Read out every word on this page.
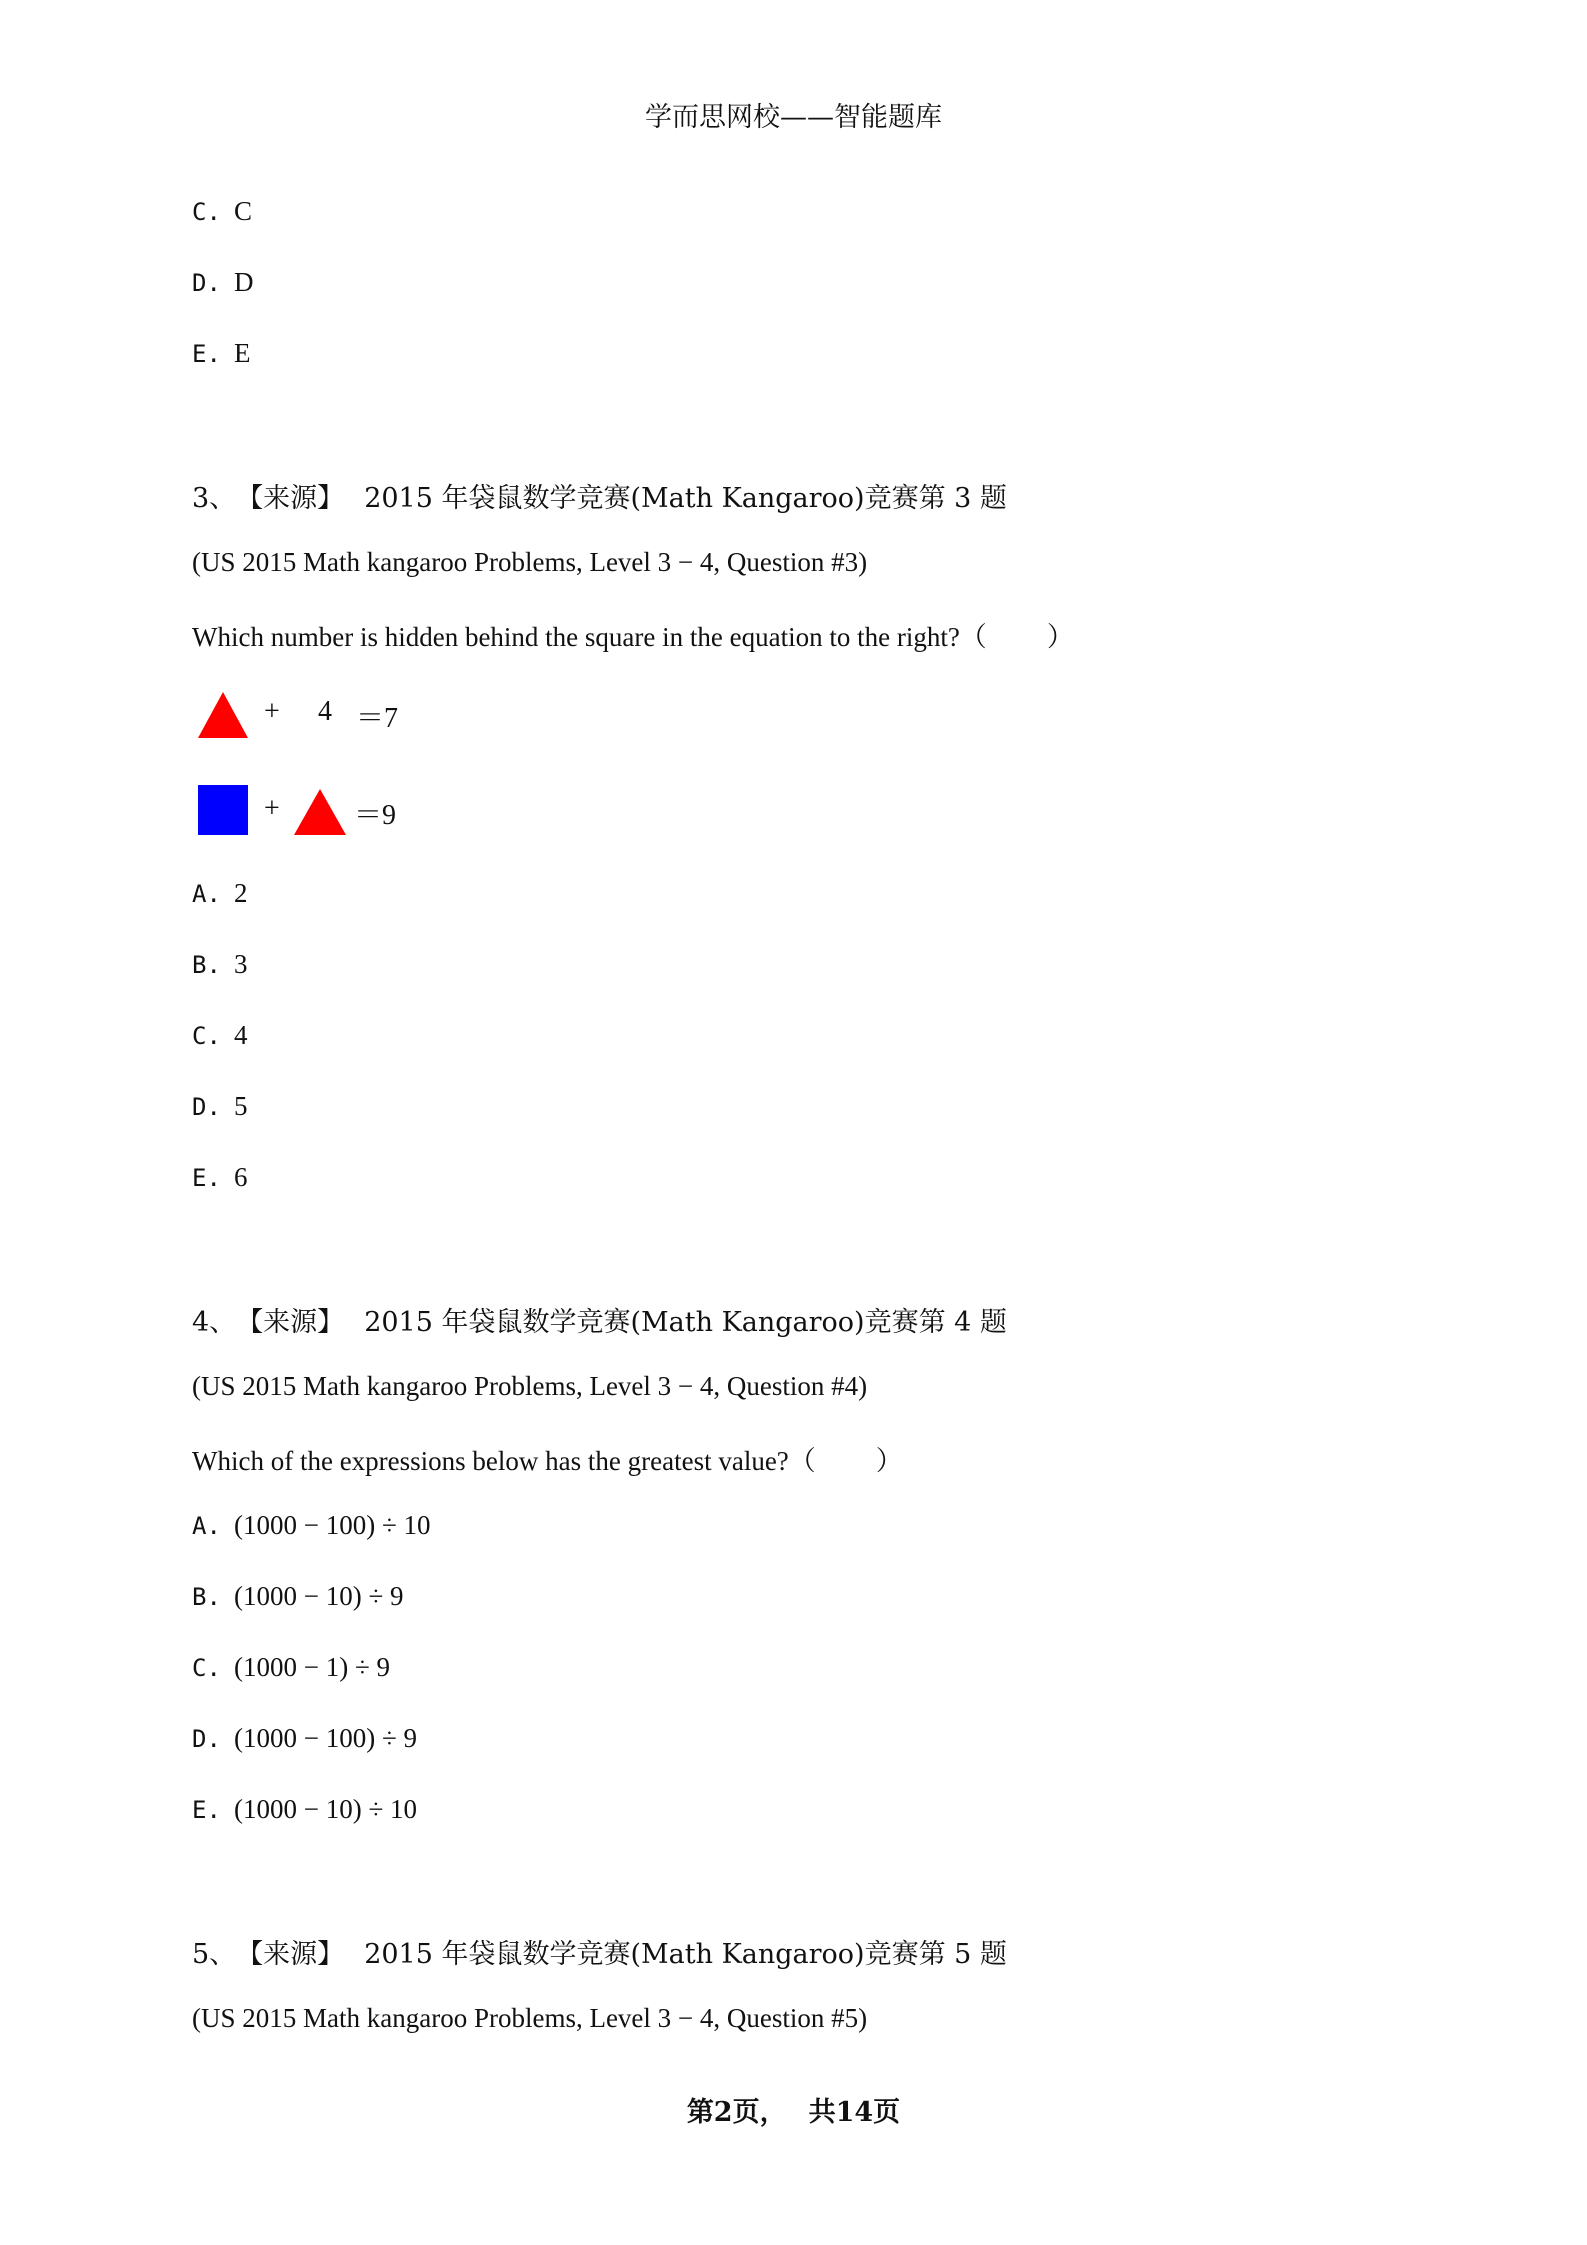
学而思网校——智能题库
C. C
D. D
E. E
3、【来源】 2015 年袋鼠数学竞赛(Math Kangaroo)竞赛第 3 题
(US 2015 Math kangaroo Problems, Level 3 − 4, Question #3)
Which number is hidden behind the square in the equation to the right?（ ）
+ 4 ＝7
+	＝9
A. 2
B. 3
C. 4
D. 5
E. 6
4、【来源】 2015 年袋鼠数学竞赛(Math Kangaroo)竞赛第 4 题
(US 2015 Math kangaroo Problems, Level 3 − 4, Question #4)
Which of the expressions below has the greatest value?（ ）
A. (1000 − 100) ÷ 10
B. (1000 − 10) ÷ 9
C. (1000 − 1) ÷ 9
D. (1000 − 100) ÷ 9
E. (1000 − 10) ÷ 10
5、【来源】 2015 年袋鼠数学竞赛(Math Kangaroo)竞赛第 5 题
(US 2015 Math kangaroo Problems, Level 3 − 4, Question #5)
第2页， 共14页
